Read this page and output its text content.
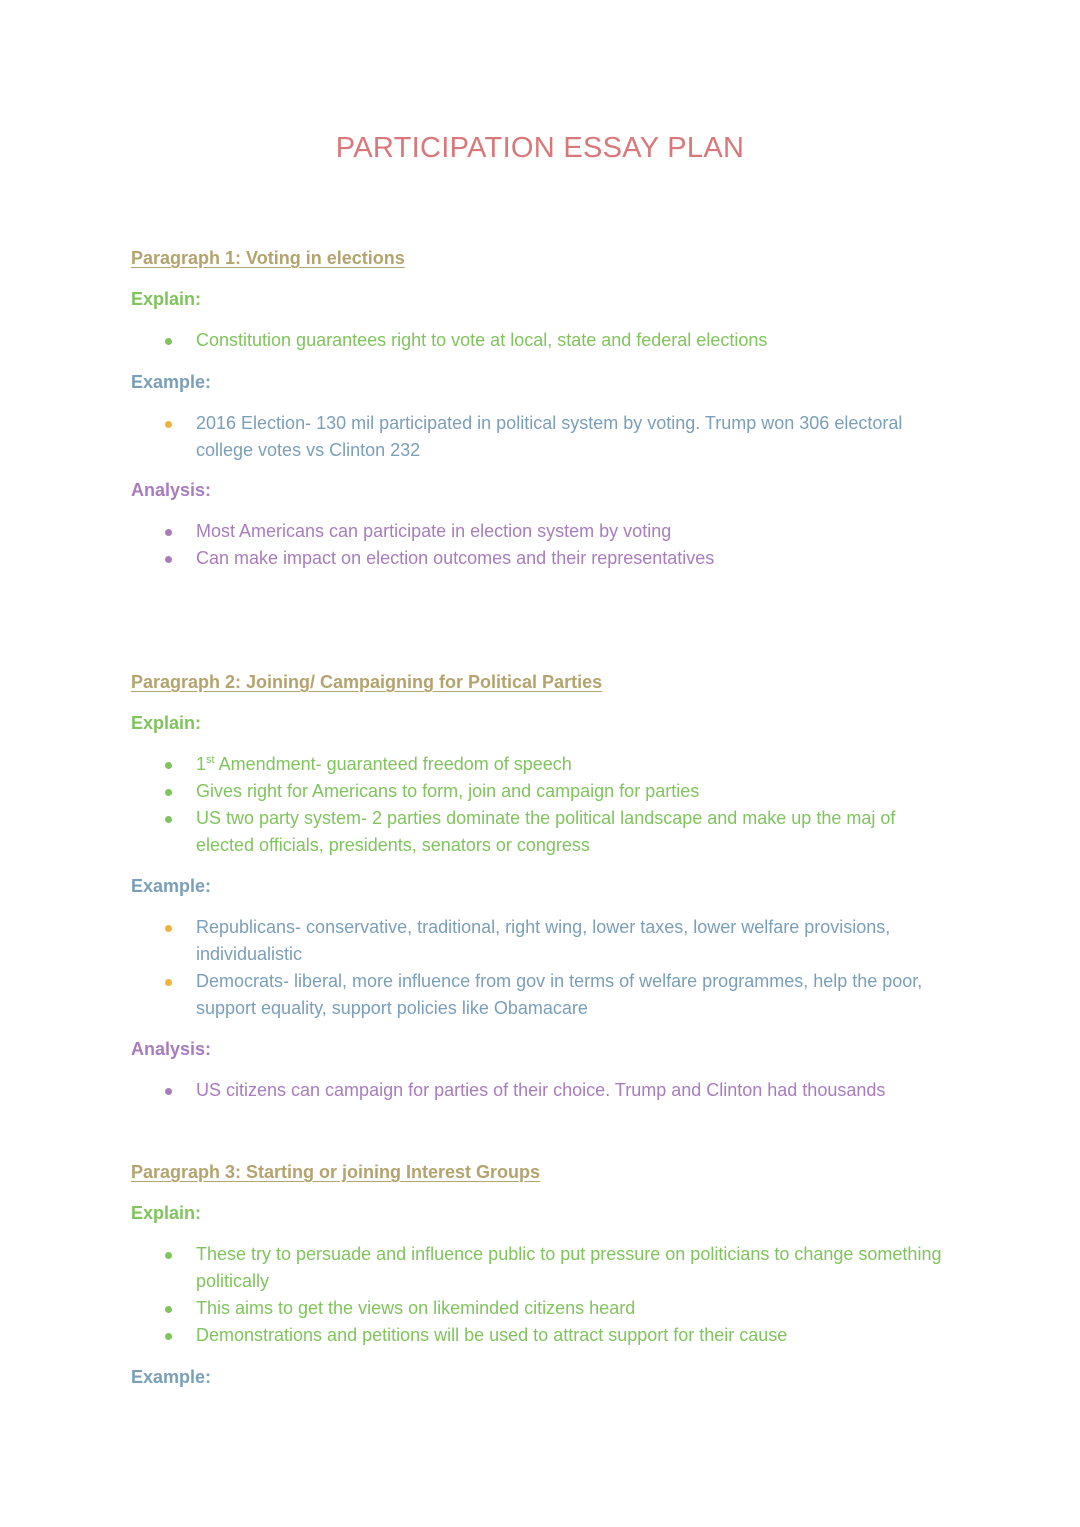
PARTICIPATION ESSAY PLAN
Paragraph 1: Voting in elections

Explain:

Constitution guarantees right to vote at local, state and federal elections

Example:

2016 Election- 130 mil participated in political system by voting. Trump won 306 electoral college votes vs Clinton 232

Analysis:

Most Americans can participate in election system by voting

Can make impact on election outcomes and their representatives

Paragraph 2: Joining/ Campaigning for Political Parties

Explain:

1st Amendment- guaranteed freedom of speech

Gives right for Americans to form, join and campaign for parties

US two party system- 2 parties dominate the political landscape and make up the maj of elected officials, presidents, senators or congress

Example:

Republicans- conservative, traditional, right wing, lower taxes, lower welfare provisions, individualistic

Democrats- liberal, more influence from gov in terms of welfare programmes, help the poor, support equality, support policies like Obamacare

Analysis:

US citizens can campaign for parties of their choice. Trump and Clinton had thousands

Paragraph 3: Starting or joining Interest Groups

Explain:

These try to persuade and influence public to put pressure on politicians to change something politically

This aims to get the views on likeminded citizens heard

Demonstrations and petitions will be used to attract support for their cause

Example:
